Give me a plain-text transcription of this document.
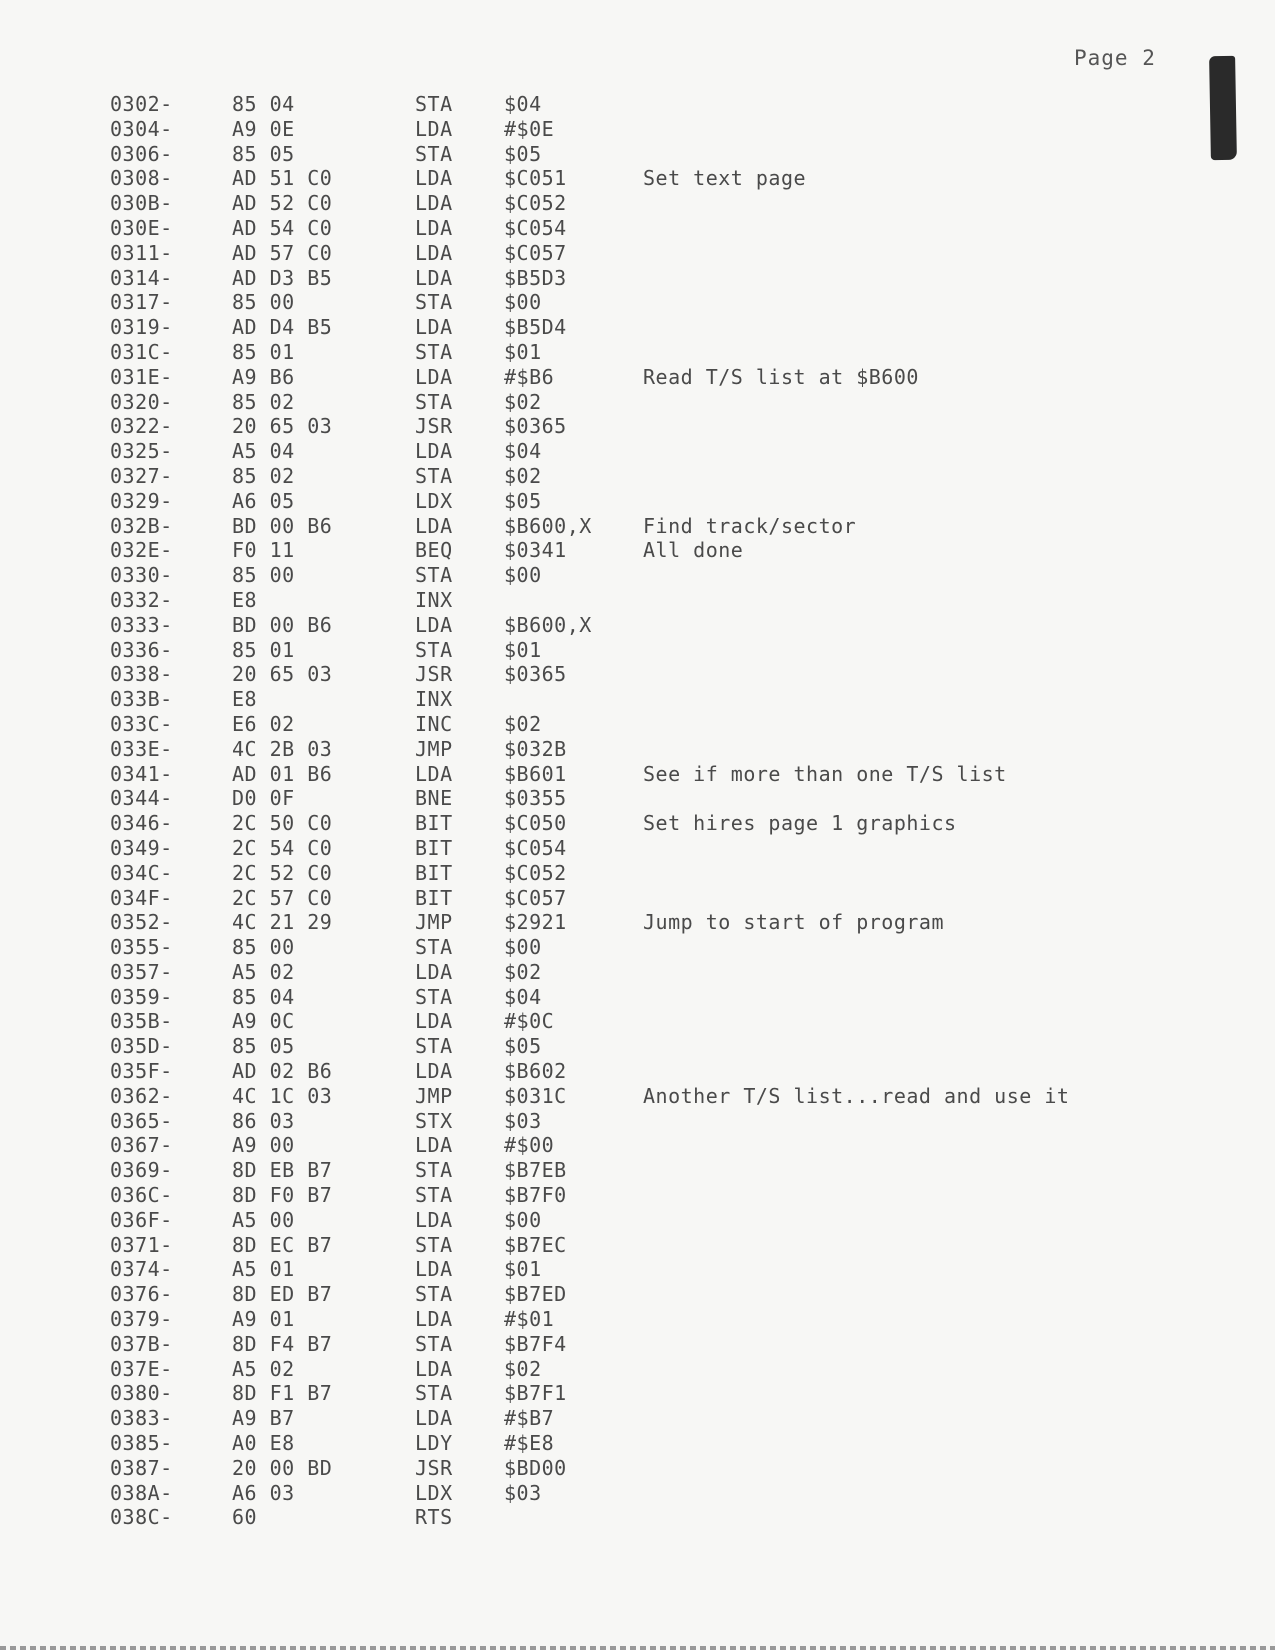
Page 2
0302-	85 04	STA	$04
0304-	A9 0E	LDA	#$0E
0306-	85 05	STA	$05
0308-	AD 51 C0	LDA	$C051	Set text page
030B-	AD 52 C0	LDA	$C052
030E-	AD 54 C0	LDA	$C054
0311-	AD 57 C0	LDA	$C057
0314-	AD D3 B5	LDA	$B5D3
0317-	85 00	STA	$00
0319-	AD D4 B5	LDA	$B5D4
031C-	85 01	STA	$01
031E-	A9 B6	LDA	#$B6	Read T/S list at $B600
0320-	85 02	STA	$02
0322-	20 65 03	JSR	$0365
0325-	A5 04	LDA	$04
0327-	85 02	STA	$02
0329-	A6 05	LDX	$05
032B-	BD 00 B6	LDA	$B600,X	Find track/sector
032E-	F0 11	BEQ	$0341	All done
0330-	85 00	STA	$00
0332-	E8	INX
0333-	BD 00 B6	LDA	$B600,X
0336-	85 01	STA	$01
0338-	20 65 03	JSR	$0365
033B-	E8	INX
033C-	E6 02	INC	$02
033E-	4C 2B 03	JMP	$032B
0341-	AD 01 B6	LDA	$B601	See if more than one T/S list
0344-	D0 0F	BNE	$0355
0346-	2C 50 C0	BIT	$C050	Set hires page 1 graphics
0349-	2C 54 C0	BIT	$C054
034C-	2C 52 C0	BIT	$C052
034F-	2C 57 C0	BIT	$C057
0352-	4C 21 29	JMP	$2921	Jump to start of program
0355-	85 00	STA	$00
0357-	A5 02	LDA	$02
0359-	85 04	STA	$04
035B-	A9 0C	LDA	#$0C
035D-	85 05	STA	$05
035F-	AD 02 B6	LDA	$B602
0362-	4C 1C 03	JMP	$031C	Another T/S list...read and use it
0365-	86 03	STX	$03
0367-	A9 00	LDA	#$00
0369-	8D EB B7	STA	$B7EB
036C-	8D F0 B7	STA	$B7F0
036F-	A5 00	LDA	$00
0371-	8D EC B7	STA	$B7EC
0374-	A5 01	LDA	$01
0376-	8D ED B7	STA	$B7ED
0379-	A9 01	LDA	#$01
037B-	8D F4 B7	STA	$B7F4
037E-	A5 02	LDA	$02
0380-	8D F1 B7	STA	$B7F1
0383-	A9 B7	LDA	#$B7
0385-	A0 E8	LDY	#$E8
0387-	20 00 BD	JSR	$BD00
038A-	A6 03	LDX	$03
038C-	60	RTS
